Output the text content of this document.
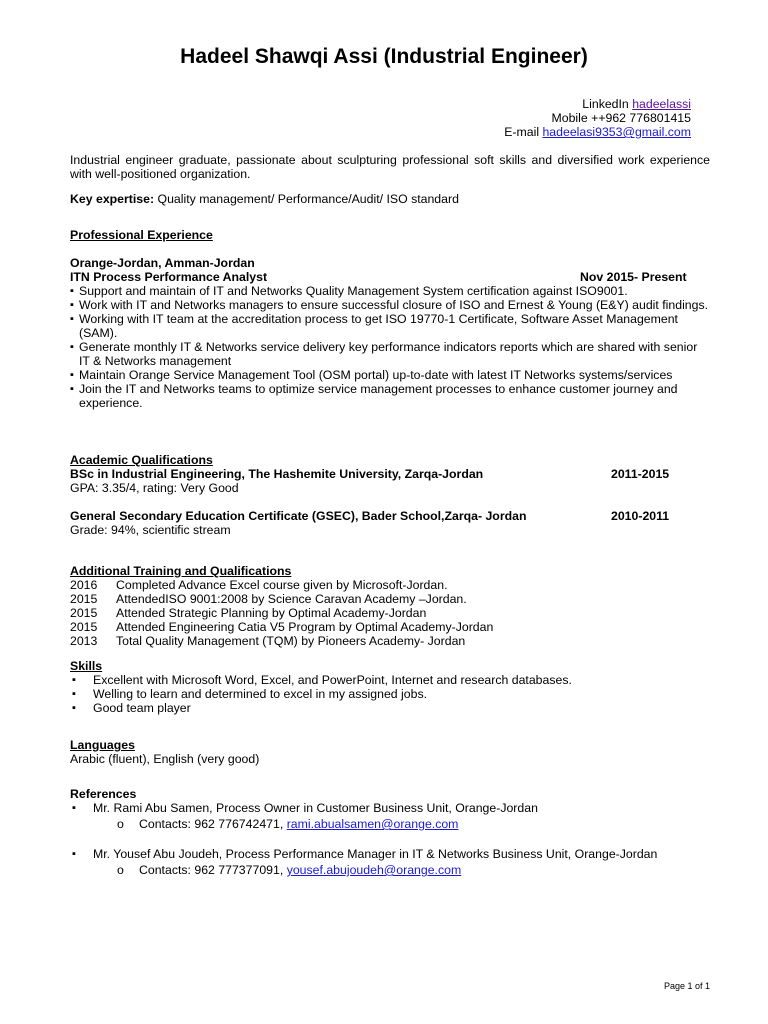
Hadeel Shawqi Assi (Industrial Engineer)
LinkedIn hadeelassi
Mobile ++962 776801415
E-mail hadeelasi9353@gmail.com
Industrial engineer graduate, passionate about sculpturing professional soft skills and diversified work experience with well-positioned organization.
Key expertise: Quality management/ Performance/Audit/ ISO standard
Professional Experience
Orange-Jordan, Amman-Jordan
ITN Process Performance Analyst	Nov 2015- Present
▪ Support and maintain of IT and Networks Quality Management System certification against ISO9001.
▪ Work with IT and Networks managers to ensure successful closure of ISO and Ernest & Young (E&Y) audit findings.
▪ Working with IT team at the accreditation process to get ISO 19770-1 Certificate, Software Asset Management (SAM).
▪ Generate monthly IT & Networks service delivery key performance indicators reports which are shared with senior IT & Networks management
▪ Maintain Orange Service Management Tool (OSM portal) up-to-date with latest IT Networks systems/services
▪ Join the IT and Networks teams to optimize service management processes to enhance customer journey and experience.
Academic Qualifications
BSc in Industrial Engineering, The Hashemite University, Zarqa-Jordan	2011-2015
GPA: 3.35/4, rating: Very Good
General Secondary Education Certificate (GSEC), Bader School,Zarqa- Jordan	2010-2011
Grade: 94%, scientific stream
Additional Training and Qualifications
2016 Completed Advance Excel course given by Microsoft-Jordan.
2015 AttendedISO 9001:2008 by Science Caravan Academy –Jordan.
2015 Attended Strategic Planning by Optimal Academy-Jordan
2015 Attended Engineering Catia V5 Program by Optimal Academy-Jordan
2013 Total Quality Management (TQM) by Pioneers Academy- Jordan
Skills
▪ Excellent with Microsoft Word, Excel, and PowerPoint, Internet and research databases.
▪ Welling to learn and determined to excel in my assigned jobs.
▪ Good team player
Languages
Arabic (fluent), English (very good)
References
▪ Mr. Rami Abu Samen, Process Owner in Customer Business Unit, Orange-Jordan
o Contacts: 962 776742471, rami.abualsamen@orange.com
▪ Mr. Yousef Abu Joudeh, Process Performance Manager in IT & Networks Business Unit, Orange-Jordan
o Contacts: 962 777377091, yousef.abujoudeh@orange.com
Page 1 of 1
